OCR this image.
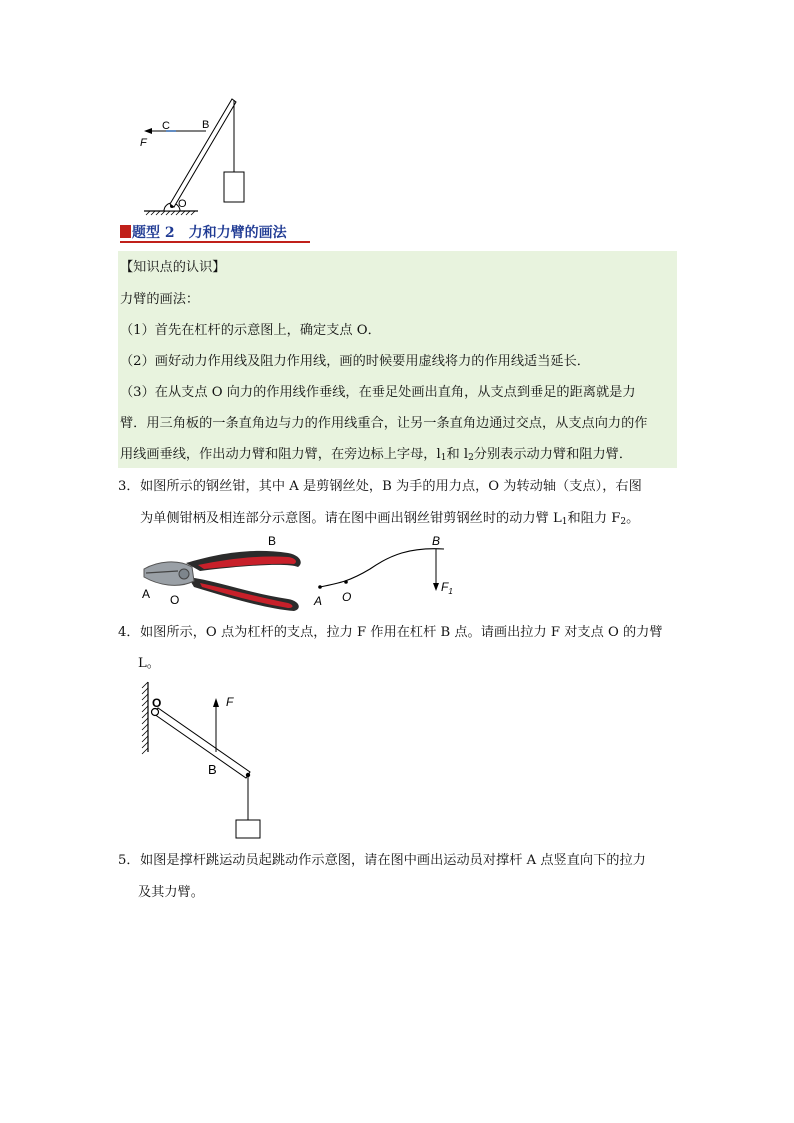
B
C
F
O
题型 2 力和力臂的画法
【知识点的认识】
力臂的画法：
（1）首先在杠杆的示意图上，确定支点 O．
（2）画好动力作用线及阻力作用线，画的时候要用虚线将力的作用线适当延长．
（3）在从支点 O 向力的作用线作垂线，在垂足处画出直角，从支点到垂足的距离就是力
臂．用三角板的一条直角边与力的作用线重合，让另一条直角边通过交点，从支点向力的作
用线画垂线，作出动力臂和阻力臂，在旁边标上字母，$l_1$和 $l_2$分别表示动力臂和阻力臂．
3． 如图所示的钢丝钳，其中 A 是剪钢丝处，B 为手的用力点，O 为转动轴（支点），右图
为单侧钳柄及相连部分示意图。请在图中画出钢丝钳剪钢丝时的动力臂 $L_1$和阻力 $F_2$。
B
A O
B
A O
$F_1$
4． 如图所示，O 点为杠杆的支点，拉力 F 作用在杠杆 B 点。请画出拉力 F 对支点 O 的力臂
L。
O	F
B
5． 如图是撑杆跳运动员起跳动作示意图，请在图中画出运动员对撑杆 A 点竖直向下的拉力
及其力臂。
